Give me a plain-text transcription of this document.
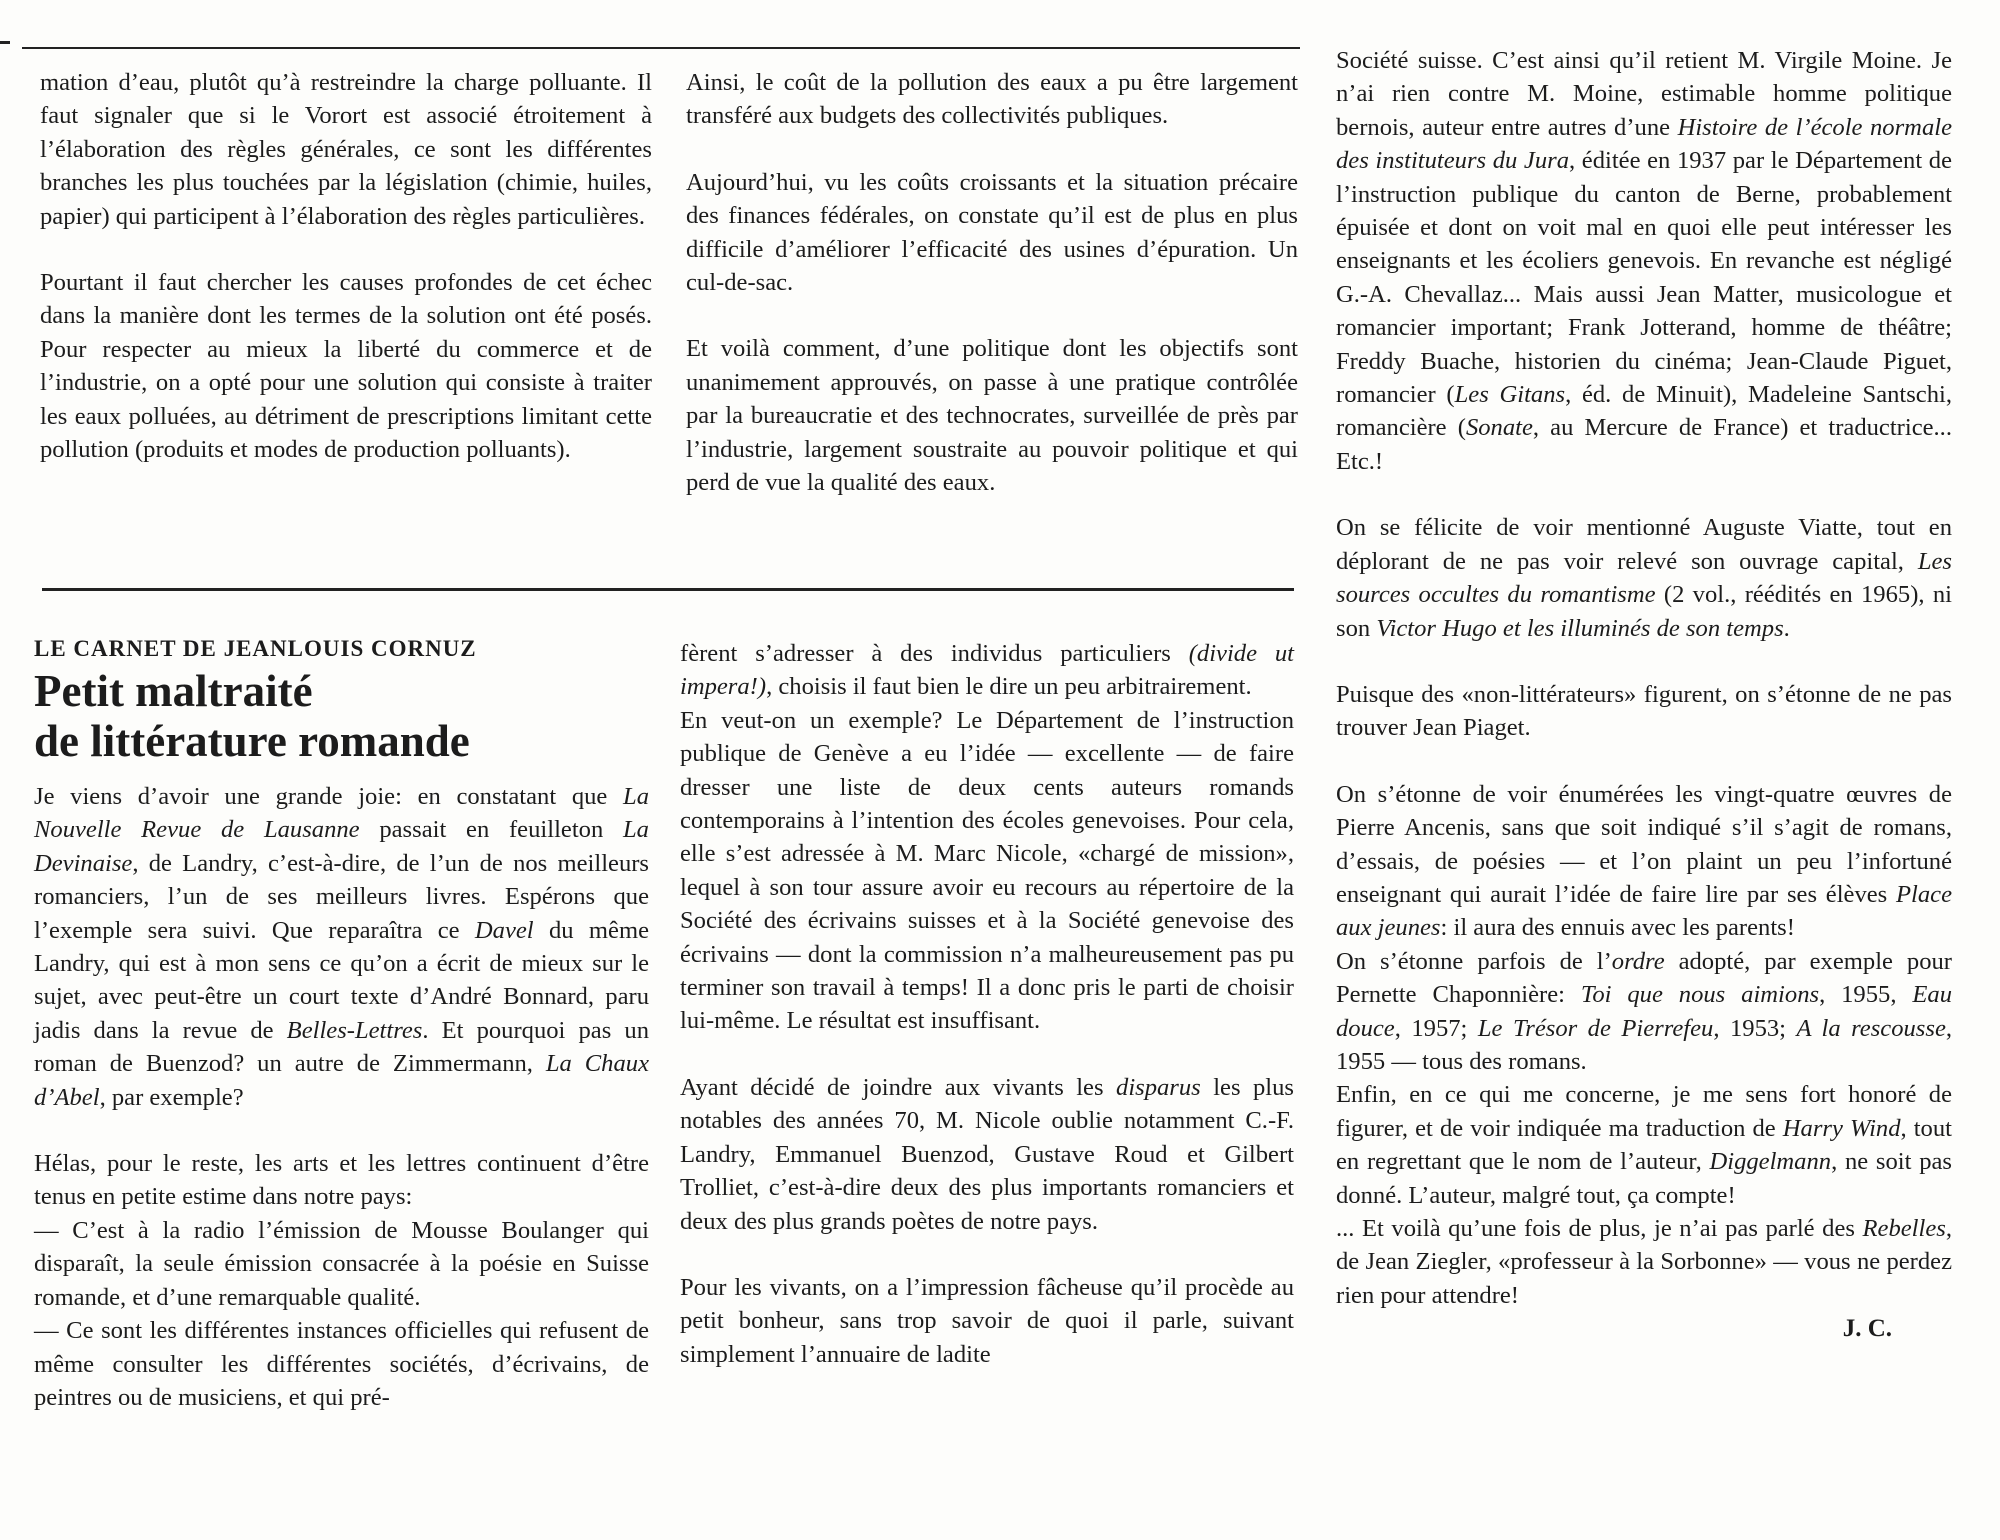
mation d’eau, plutôt qu’à restreindre la charge polluante. Il faut signaler que si le Vorort est associé étroitement à l’élaboration des règles générales, ce sont les différentes branches les plus touchées par la législation (chimie, huiles, papier) qui participent à l’élaboration des règles particulières.

Pourtant il faut chercher les causes profondes de cet échec dans la manière dont les termes de la solution ont été posés. Pour respecter au mieux la liberté du commerce et de l’industrie, on a opté pour une solution qui consiste à traiter les eaux polluées, au détriment de prescriptions limitant cette pollution (produits et modes de production polluants).

Ainsi, le coût de la pollution des eaux a pu être largement transféré aux budgets des collectivités publiques.

Aujourd’hui, vu les coûts croissants et la situation précaire des finances fédérales, on constate qu’il est de plus en plus difficile d’améliorer l’efficacité des usines d’épuration. Un cul-de-sac.

Et voilà comment, d’une politique dont les objectifs sont unanimement approuvés, on passe à une pratique contrôlée par la bureaucratie et des technocrates, surveillée de près par l’industrie, largement soustraite au pouvoir politique et qui perd de vue la qualité des eaux.

LE CARNET DE JEANLOUIS CORNUZ
Petit maltraité
de littérature romande

Je viens d’avoir une grande joie: en constatant que La Nouvelle Revue de Lausanne passait en feuilleton La Devinaise, de Landry, c’est-à-dire, de l’un de nos meilleurs romanciers, l’un de ses meilleurs livres. Espérons que l’exemple sera suivi. Que reparaîtra ce Davel du même Landry, qui est à mon sens ce qu’on a écrit de mieux sur le sujet, avec peut-être un court texte d’André Bonnard, paru jadis dans la revue de Belles-Lettres. Et pourquoi pas un roman de Buenzod? un autre de Zimmermann, La Chaux d’Abel, par exemple?

Hélas, pour le reste, les arts et les lettres continuent d’être tenus en petite estime dans notre pays:

— C’est à la radio l’émission de Mousse Boulanger qui disparaît, la seule émission consacrée à la poésie en Suisse romande, et d’une remarquable qualité.

— Ce sont les différentes instances officielles qui refusent de même consulter les différentes sociétés, d’écrivains, de peintres ou de musiciens, et qui pré-

fèrent s’adresser à des individus particuliers (divide ut impera!), choisis il faut bien le dire un peu arbitrairement.

En veut-on un exemple? Le Département de l’instruction publique de Genève a eu l’idée — excellente — de faire dresser une liste de deux cents auteurs romands contemporains à l’intention des écoles genevoises. Pour cela, elle s’est adressée à M. Marc Nicole, «chargé de mission», lequel à son tour assure avoir eu recours au répertoire de la Société des écrivains suisses et à la Société genevoise des écrivains — dont la commission n’a malheureusement pas pu terminer son travail à temps! Il a donc pris le parti de choisir lui-même. Le résultat est insuffisant.

Ayant décidé de joindre aux vivants les disparus les plus notables des années 70, M. Nicole oublie notamment C.-F. Landry, Emmanuel Buenzod, Gustave Roud et Gilbert Trolliet, c’est-à-dire deux des plus importants romanciers et deux des plus grands poètes de notre pays.

Pour les vivants, on a l’impression fâcheuse qu’il procède au petit bonheur, sans trop savoir de quoi il parle, suivant simplement l’annuaire de ladite

Société suisse. C’est ainsi qu’il retient M. Virgile Moine. Je n’ai rien contre M. Moine, estimable homme politique bernois, auteur entre autres d’une Histoire de l’école normale des instituteurs du Jura, éditée en 1937 par le Département de l’instruction publique du canton de Berne, probablement épuisée et dont on voit mal en quoi elle peut intéresser les enseignants et les écoliers genevois. En revanche est négligé G.-A. Chevallaz... Mais aussi Jean Matter, musicologue et romancier important; Frank Jotterand, homme de théâtre; Freddy Buache, historien du cinéma; Jean-Claude Piguet, romancier (Les Gitans, éd. de Minuit), Madeleine Santschi, romancière (Sonate, au Mercure de France) et traductrice... Etc.!

On se félicite de voir mentionné Auguste Viatte, tout en déplorant de ne pas voir relevé son ouvrage capital, Les sources occultes du romantisme (2 vol., réédités en 1965), ni son Victor Hugo et les illuminés de son temps.

Puisque des «non-littérateurs» figurent, on s’étonne de ne pas trouver Jean Piaget.

On s’étonne de voir énumérées les vingt-quatre œuvres de Pierre Ancenis, sans que soit indiqué s’il s’agit de romans, d’essais, de poésies — et l’on plaint un peu l’infortuné enseignant qui aurait l’idée de faire lire par ses élèves Place aux jeunes: il aura des ennuis avec les parents!

On s’étonne parfois de l’ordre adopté, par exemple pour Pernette Chaponnière: Toi que nous aimions, 1955, Eau douce, 1957; Le Trésor de Pierrefeu, 1953; A la rescousse, 1955 — tous des romans.

Enfin, en ce qui me concerne, je me sens fort honoré de figurer, et de voir indiquée ma traduction de Harry Wind, tout en regrettant que le nom de l’auteur, Diggelmann, ne soit pas donné. L’auteur, malgré tout, ça compte!

... Et voilà qu’une fois de plus, je n’ai pas parlé des Rebelles, de Jean Ziegler, «professeur à la Sorbonne» — vous ne perdez rien pour attendre!

J. C.
